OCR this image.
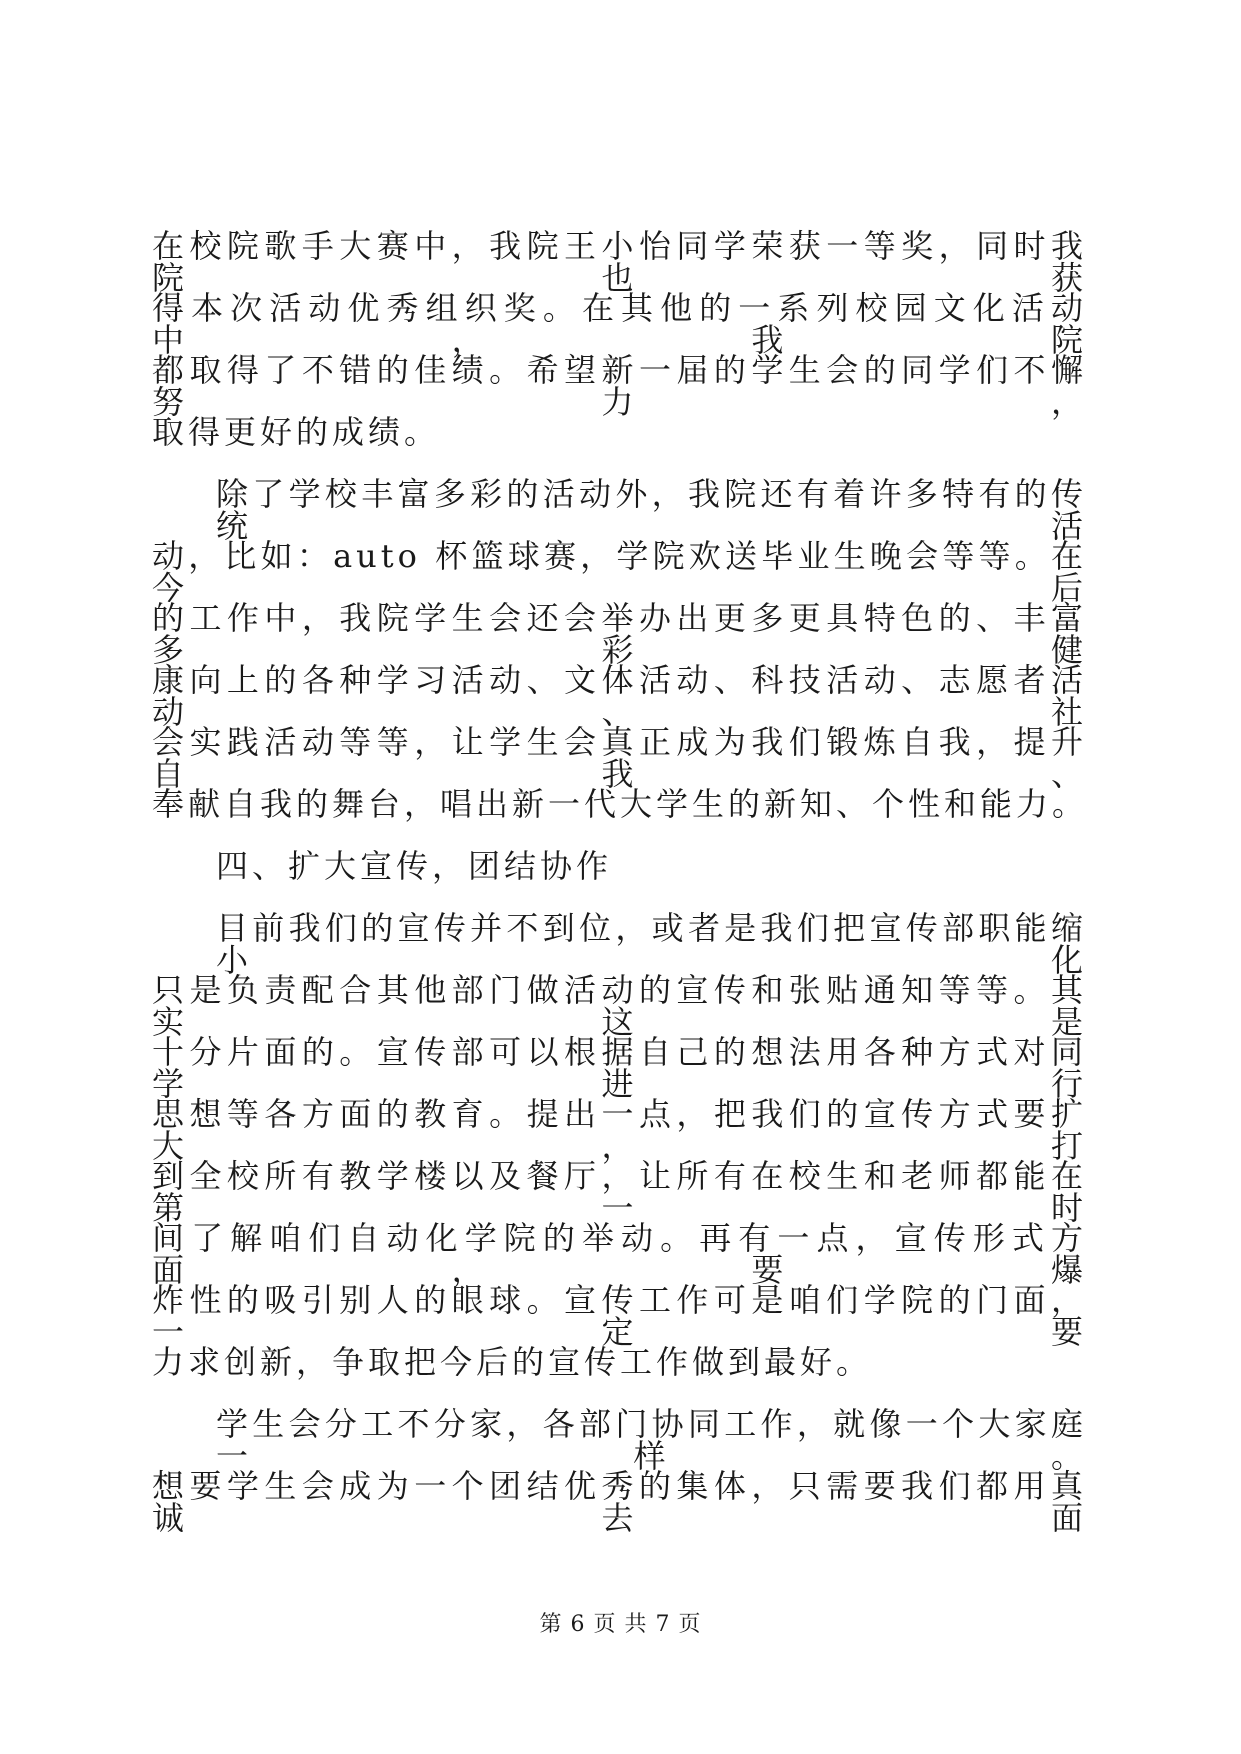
在校院歌手大赛中，我院王小怡同学荣获一等奖，同时我院也获
得本次活动优秀组织奖。在其他的一系列校园文化活动中，我院
都取得了不错的佳绩。希望新一届的学生会的同学们不懈努力，
取得更好的成绩。
除了学校丰富多彩的活动外，我院还有着许多特有的传统活
动，比如：auto 杯篮球赛，学院欢送毕业生晚会等等。在今后
的工作中，我院学生会还会举办出更多更具特色的、丰富多彩健
康向上的各种学习活动、文体活动、科技活动、志愿者活动、社
会实践活动等等，让学生会真正成为我们锻炼自我，提升自我、
奉献自我的舞台，唱出新一代大学生的新知、个性和能力。
四、扩大宣传，团结协作
目前我们的宣传并不到位，或者是我们把宣传部职能缩小化
只是负责配合其他部门做活动的宣传和张贴通知等等。其实这是
十分片面的。宣传部可以根据自己的想法用各种方式对同学进行
思想等各方面的教育。提出一点，把我们的宣传方式要扩大，打
到全校所有教学楼以及餐厅，让所有在校生和老师都能在第一时
间了解咱们自动化学院的举动。再有一点，宣传形式方面，要爆
炸性的吸引别人的眼球。宣传工作可是咱们学院的门面，一定要
力求创新，争取把今后的宣传工作做到最好。
学生会分工不分家，各部门协同工作，就像一个大家庭一样。
想要学生会成为一个团结优秀的集体，只需要我们都用真诚去面
第 6 页 共 7 页
